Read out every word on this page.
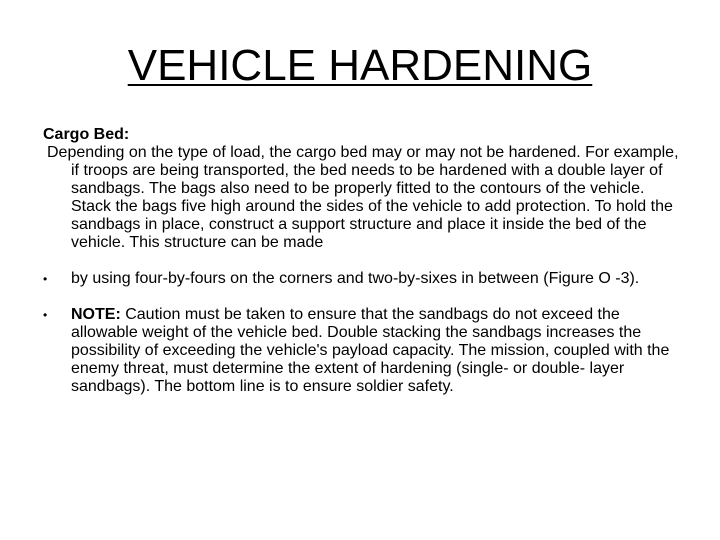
VEHICLE HARDENING
Cargo Bed:

Depending on the type of load, the cargo bed may or may not be hardened. For example, if troops are being transported, the bed needs to be hardened with a double layer of sandbags. The bags also need to be properly fitted to the contours of the vehicle. Stack the bags five high around the sides of the vehicle to add protection. To hold the sandbags in place, construct a support structure and place it inside the bed of the vehicle. This structure can be made

•	by using four-by-fours on the corners and two-by-sixes in between (Figure O -3).
•	NOTE: Caution must be taken to ensure that the sandbags do not exceed the allowable weight of the vehicle bed. Double stacking the sandbags increases the possibility of exceeding the vehicle's payload capacity. The mission, coupled with the enemy threat, must determine the extent of hardening (single- or double- layer sandbags). The bottom line is to ensure soldier safety.
